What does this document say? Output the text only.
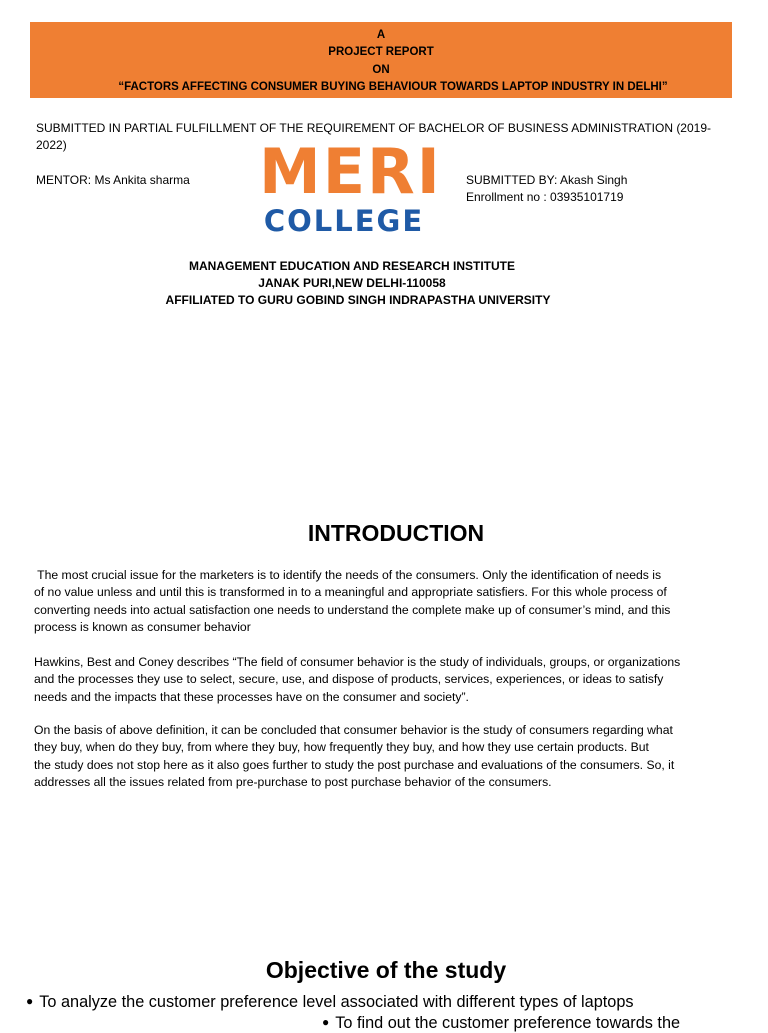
A
PROJECT REPORT
ON
“FACTORS AFFECTING CONSUMER BUYING BEHAVIOUR TOWARDS LAPTOP INDUSTRY IN DELHI”
SUBMITTED IN PARTIAL FULFILLMENT OF THE REQUIREMENT OF BACHELOR OF BUSINESS ADMINISTRATION (2019-
2022)
MENTOR: Ms Ankita sharma	SUBMITTED BY: Akash Singh
Enrollment no : 03935101719
MERI
COLLEGE
MANAGEMENT EDUCATION AND RESEARCH INSTITUTE
JANAK PURI,NEW DELHI-110058
AFFILIATED TO GURU GOBIND SINGH INDRAPASTHA UNIVERSITY
INTRODUCTION
The most crucial issue for the marketers is to identify the needs of the consumers. Only the identification of needs is
of no value unless and until this is transformed in to a meaningful and appropriate satisfiers. For this whole process of
converting needs into actual satisfaction one needs to understand the complete make up of consumer’s mind, and this
process is known as consumer behavior
Hawkins, Best and Coney describes “The field of consumer behavior is the study of individuals, groups, or organizations
and the processes they use to select, secure, use, and dispose of products, services, experiences, or ideas to satisfy
needs and the impacts that these processes have on the consumer and society”.
On the basis of above definition, it can be concluded that consumer behavior is the study of consumers regarding what
they buy, when do they buy, from where they buy, how frequently they buy, and how they use certain products. But
the study does not stop here as it also goes further to study the post purchase and evaluations of the consumers. So, it
addresses all the issues related from pre-purchase to post purchase behavior of the consumers.
Objective of the study
● To analyze the customer preference level associated with different types of laptops
● To find out the customer preference towards the
